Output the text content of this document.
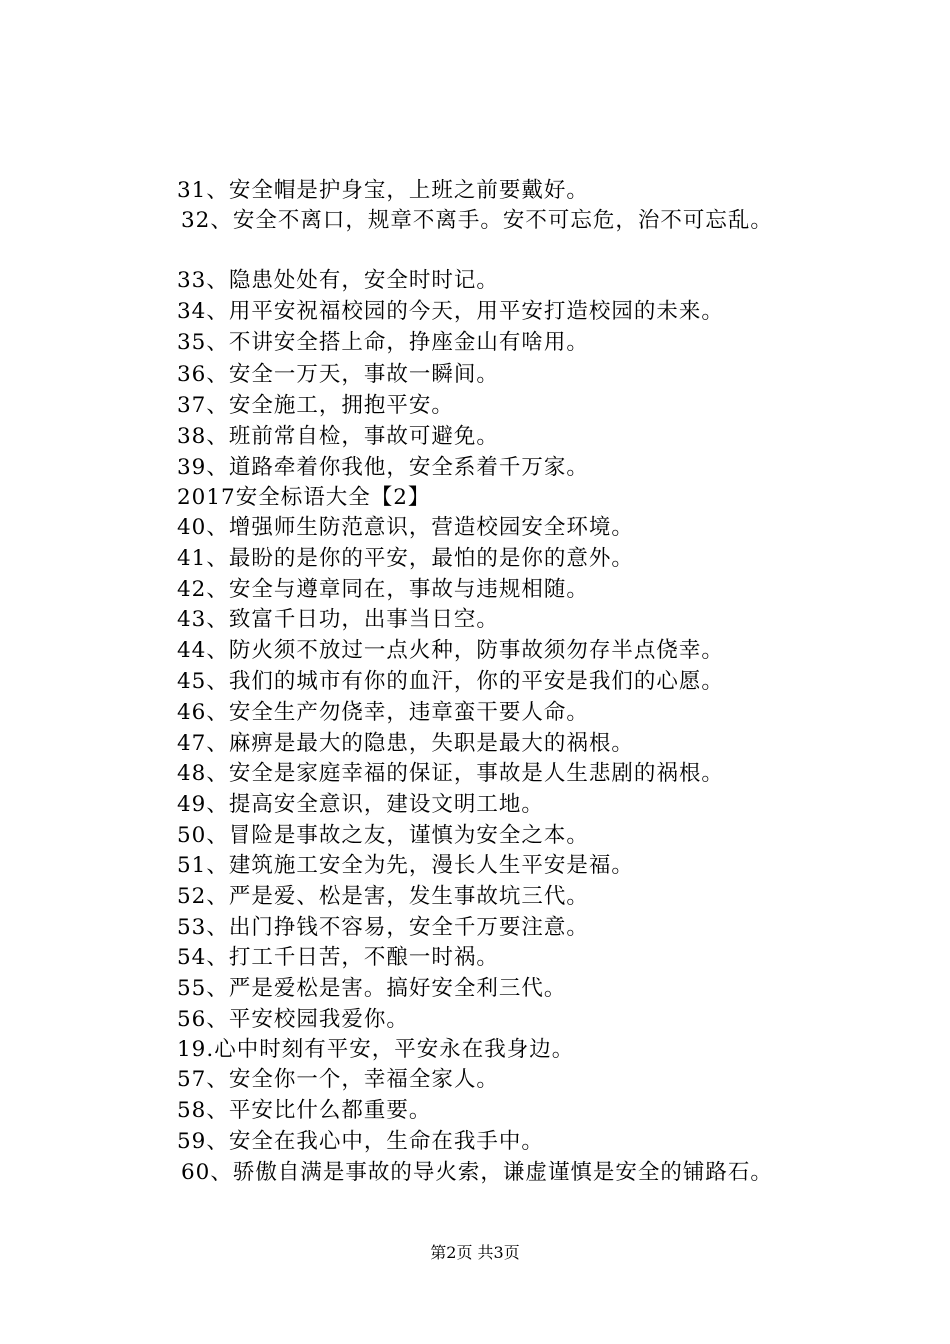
31、安全帽是护身宝，上班之前要戴好。
32、安全不离口，规章不离手。安不可忘危，治不可忘乱。
33、隐患处处有，安全时时记。
34、用平安祝福校园的今天，用平安打造校园的未来。
35、不讲安全搭上命，挣座金山有啥用。
36、安全一万天，事故一瞬间。
37、安全施工，拥抱平安。
38、班前常自检，事故可避免。
39、道路牵着你我他，安全系着千万家。
2017安全标语大全【2】
40、增强师生防范意识，营造校园安全环境。
41、最盼的是你的平安，最怕的是你的意外。
42、安全与遵章同在，事故与违规相随。
43、致富千日功，出事当日空。
44、防火须不放过一点火种，防事故须勿存半点侥幸。
45、我们的城市有你的血汗，你的平安是我们的心愿。
46、安全生产勿侥幸，违章蛮干要人命。
47、麻痹是最大的隐患，失职是最大的祸根。
48、安全是家庭幸福的保证，事故是人生悲剧的祸根。
49、提高安全意识，建设文明工地。
50、冒险是事故之友，谨慎为安全之本。
51、建筑施工安全为先，漫长人生平安是福。
52、严是爱、松是害，发生事故坑三代。
53、出门挣钱不容易，安全千万要注意。
54、打工千日苦，不酿一时祸。
55、严是爱松是害。搞好安全利三代。
56、平安校园我爱你。
19.心中时刻有平安，平安永在我身边。
57、安全你一个，幸福全家人。
58、平安比什么都重要。
59、安全在我心中，生命在我手中。
60、骄傲自满是事故的导火索，谦虚谨慎是安全的铺路石。
第2页 共3页
